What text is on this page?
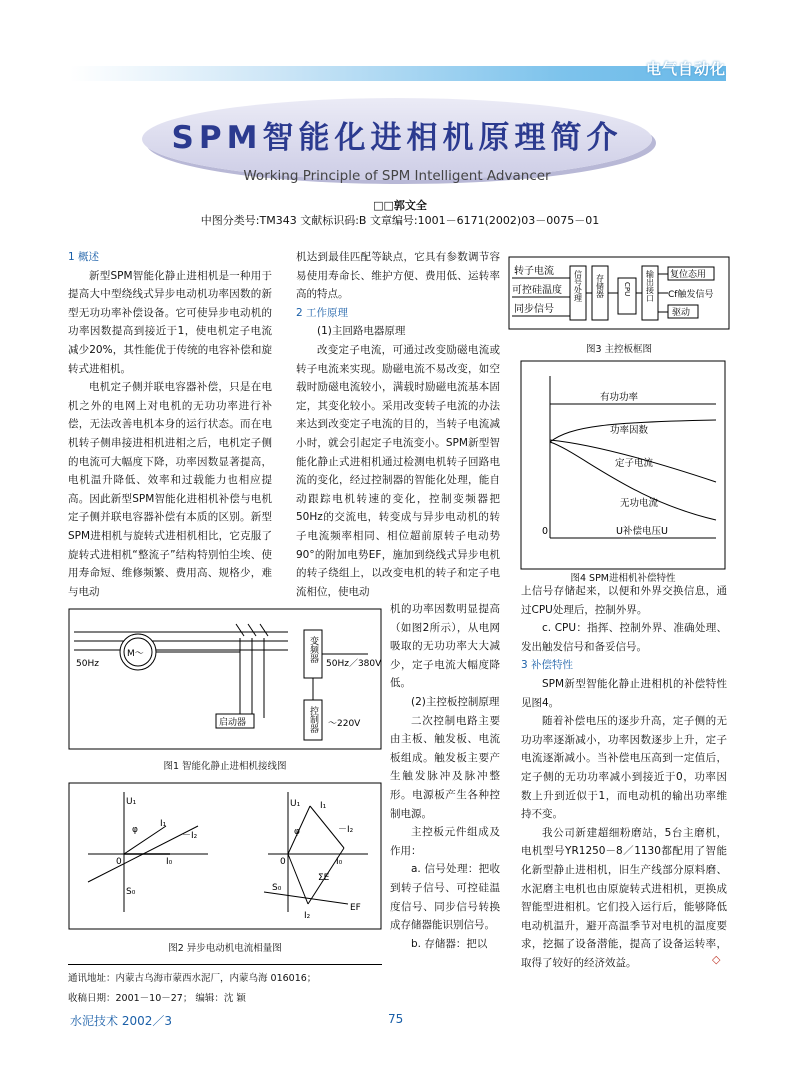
电气自动化
SPM智能化进相机原理简介
Working Principle of SPM Intelligent Advancer
□□郭文全
中图分类号:TM343 文献标识码:B 文章编号:1001－6171(2002)03－0075－01

1 概述

新型SPM智能化静止进相机是一种用于提高大中型绕线式异步电动机功率因数的新型无功功率补偿设备。它可使异步电动机的功率因数提高到接近于1，使电机定子电流减少20%，其性能优于传统的电容补偿和旋转式进相机。

电机定子侧并联电容器补偿，只是在电机之外的电网上对电机的无功功率进行补偿，无法改善电机本身的运行状态。而在电机转子侧串接进相机进相之后，电机定子侧的电流可大幅度下降，功率因数显著提高，电机温升降低、效率和过载能力也相应提高。因此新型SPM智能化进相机补偿与电机定子侧并联电容器补偿有本质的区别。新型SPM进相机与旋转式进相机相比，它克服了旋转式进相机“整流子”结构特别怕尘埃、使用寿命短、维修频繁、费用高、规格少，难与电动

机达到最佳匹配等缺点，它具有参数调节容易使用寿命长、维护方便、费用低、运转率高的特点。

2 工作原理

(1)主回路电器原理

改变定子电流，可通过改变励磁电流或转子电流来实现。励磁电流不易改变，如空载时励磁电流较小，满载时励磁电流基本固定，其变化较小。采用改变转子电流的办法来达到改变定子电流的目的，当转子电流减小时，就会引起定子电流变小。SPM新型智能化静止式进相机通过检测电机转子回路电流的变化，经过控制器的智能化处理，能自动跟踪电机转速的变化，控制变频器把50Hz的交流电，转变成与异步电动机的转子电流频率相同、相位超前原转子电动势90°的附加电势EF，施加到绕线式异步电机的转子绕组上，以改变电机的转子和定子电流相位，使电动

机的功率因数明显提高（如图2所示），从电网吸取的无功功率大大减少，定子电流大幅度降低。

(2)主控板控制原理

二次控制电路主要由主板、触发板、电流板组成。触发板主要产生触发脉冲及脉冲整形。电源板产生各种控制电源。

主控板元件组成及作用：

a. 信号处理：把收到转子信号、可控硅温度信号、同步信号转换成存储器能识别信号。

b. 存储器：把以

上信号存储起来，以便和外界交换信息，通过CPU处理后，控制外界。

c. CPU：指挥、控制外界、准确处理、发出触发信号和备妥信号。

3 补偿特性

SPM新型智能化静止进相机的补偿特性见图4。

随着补偿电压的逐步升高，定子侧的无功功率逐渐减小，功率因数逐步上升，定子电流逐渐减小。当补偿电压高到一定值后，定子侧的无功功率减小到接近于0，功率因数上升到近似于1，而电动机的输出功率维持不变。

我公司新建超细粉磨站，5台主磨机，电机型号YR1250－8／1130都配用了智能化新型静止进相机，旧生产线部分原料磨、水泥磨主电机也由原旋转式进相机，更换成智能型进相机。它们投入运行后，能够降低电动机温升，避开高温季节对电机的温度要求，挖掘了设备潜能，提高了设备运转率，取得了较好的经济效益。	◇
转子电流
可控硅温度
同步信号
信号处理 存储器	CPU 输出接口 复位态用
Cf触发信号
驱动
图3 主控板框图
有功功率
功率因数
定子电流
无功电流
0	U补偿电压U
图4 SPM进相机补偿特性
50Hz
M～
启动器
变频器
50Hz／380V
控制器 ～220V
图1 智能化静止进相机接线图
U₁
φ
I₁
－I₂
0	I₀
S₀
U₁ I₁
－I₂
φ
0	I₀
ΣE
S₀
EF
I₂
图2 异步电动机电流相量图
通讯地址：内蒙古乌海市蒙西水泥厂，内蒙乌海 016016；
收稿日期：2001－10－27； 编辑：沈 颖
水泥技术 2002／3	75
